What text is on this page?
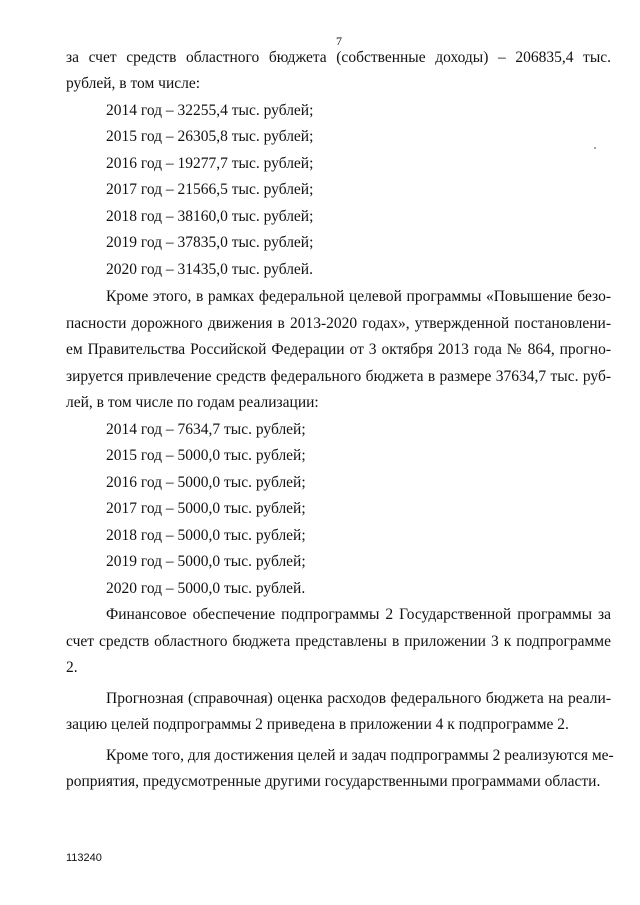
7
за счет средств областного бюджета (собственные доходы) – 206835,4 тыс.
рублей, в том числе:
2014 год – 32255,4 тыс. рублей;
2015 год – 26305,8 тыс. рублей;
2016 год – 19277,7 тыс. рублей;
2017 год – 21566,5 тыс. рублей;
2018 год – 38160,0 тыс. рублей;
2019 год – 37835,0 тыс. рублей;
2020 год – 31435,0 тыс. рублей.
Кроме этого, в рамках федеральной целевой программы «Повышение безо-
пасности дорожного движения в 2013-2020 годах», утвержденной постановлени-
ем Правительства Российской Федерации от 3 октября 2013 года № 864, прогно-
зируется привлечение средств федерального бюджета в размере 37634,7 тыс. руб-
лей, в том числе по годам реализации:
2014 год – 7634,7 тыс. рублей;
2015 год – 5000,0 тыс. рублей;
2016 год – 5000,0 тыс. рублей;
2017 год – 5000,0 тыс. рублей;
2018 год – 5000,0 тыс. рублей;
2019 год – 5000,0 тыс. рублей;
2020 год – 5000,0 тыс. рублей.
Финансовое обеспечение подпрограммы 2 Государственной программы за
счет средств областного бюджета представлены в приложении 3 к подпрограмме
2.
Прогнозная (справочная) оценка расходов федерального бюджета на реали-
зацию целей подпрограммы 2 приведена в приложении 4 к подпрограмме 2.
Кроме того, для достижения целей и задач подпрограммы 2 реализуются ме-
роприятия, предусмотренные другими государственными программами области.
113240
